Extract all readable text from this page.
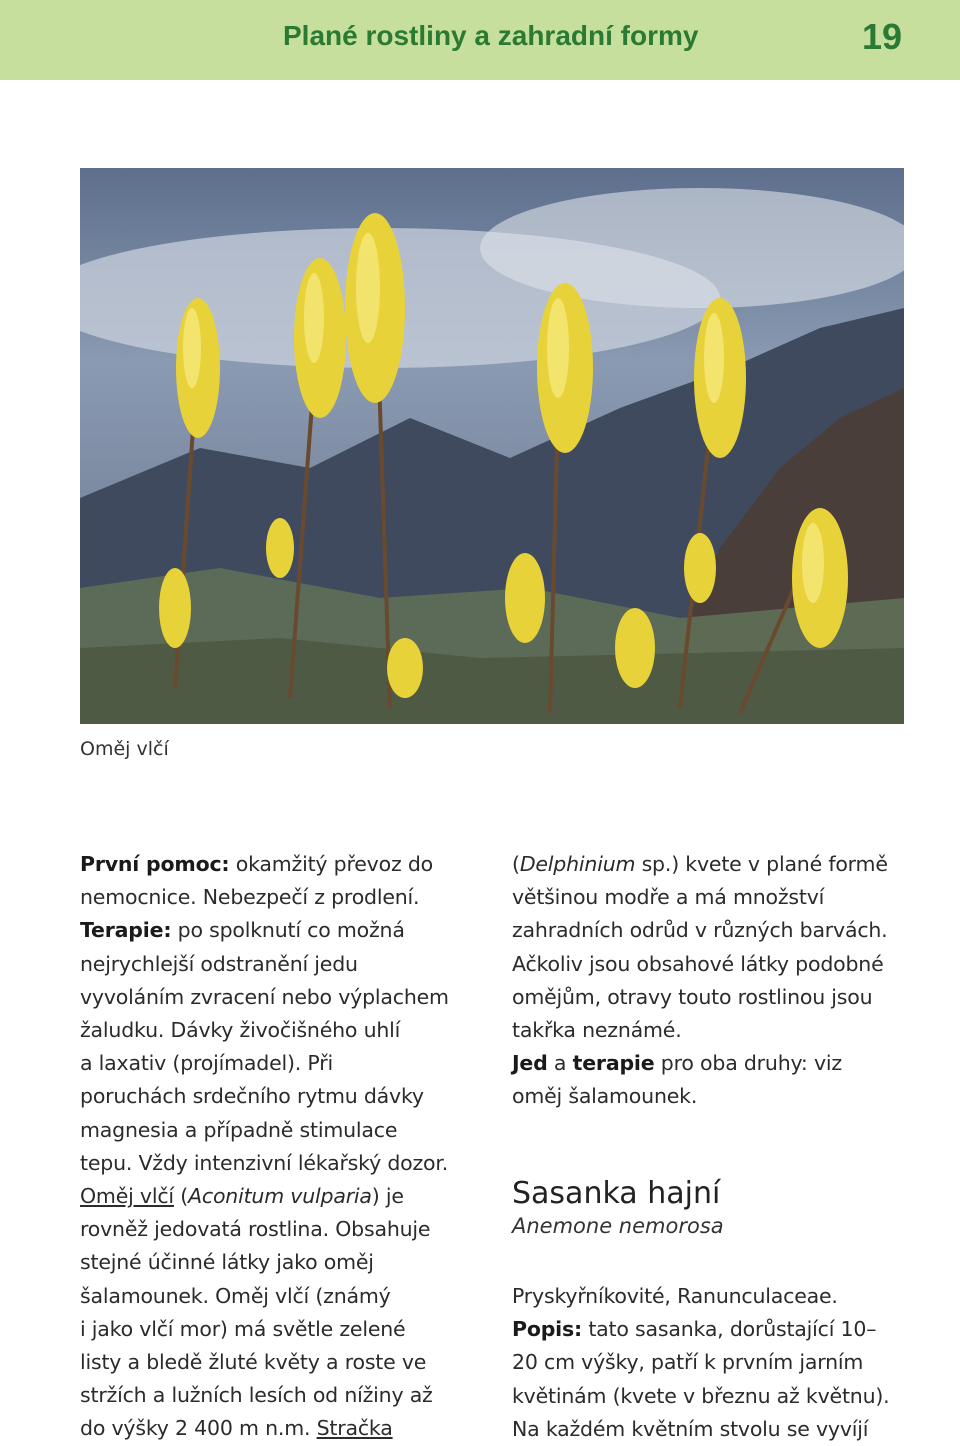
Plané rostliny a zahradní formy	19
Oměj vlčí
První pomoc: okamžitý převoz do
nemocnice. Nebezpečí z prodlení.
Terapie: po spolknutí co možná
nejrychlejší odstranění jedu
vyvoláním zvracení nebo výplachem
žaludku. Dávky živočišného uhlí
a laxativ (projímadel). Při
poruchách srdečního rytmu dávky
magnesia a případně stimulace
tepu. Vždy intenzivní lékařský dozor.
Oměj vlčí (Aconitum vulparia) je
rovněž jedovatá rostlina. Obsahuje
stejné účinné látky jako oměj
šalamounek. Oměj vlčí (známý
i jako vlčí mor) má světle zelené
listy a bledě žluté květy a roste ve
stržích a lužních lesích od nížiny až
do výšky 2 400 m n.m. Stračka
(Delphinium sp.) kvete v plané formě
většinou modře a má množství
zahradních odrůd v různých barvách.
Ačkoliv jsou obsahové látky podobné
omějům, otravy touto rostlinou jsou
takřka neznámé.
Jed a terapie pro oba druhy: viz
oměj šalamounek.
Sasanka hajní
Anemone nemorosa
Pryskyřníkovité, Ranunculaceae.
Popis: tato sasanka, dorůstající 10–
20 cm výšky, patří k prvním jarním
květinám (kvete v březnu až květnu).
Na každém květním stvolu se vyvíjí
